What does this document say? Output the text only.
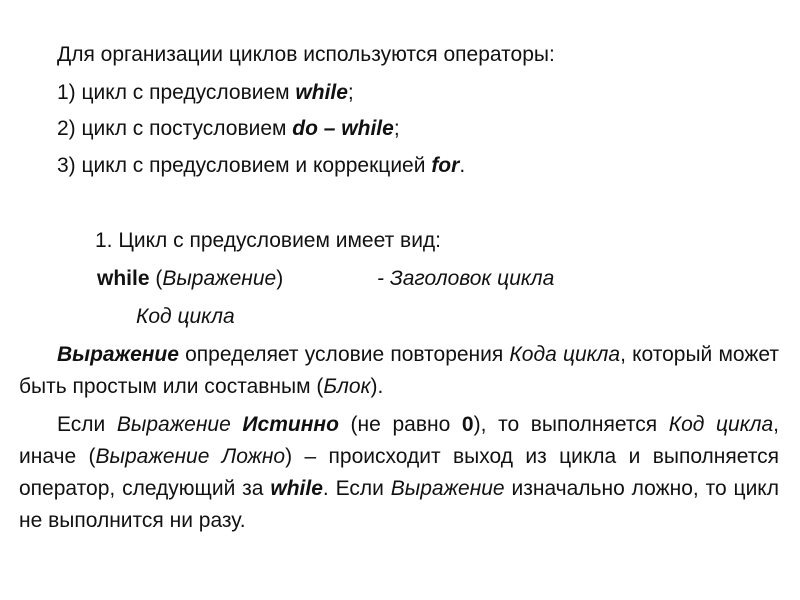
Для организации циклов используются операторы:
1) цикл с предусловием while;
2) цикл с постусловием do – while;
3) цикл с предусловием и коррекцией for.
1. Цикл с предусловием имеет вид:
while (Выражение)	- Заголовок цикла
Код цикла
Выражение определяет условие повторения Кода цикла, который может быть простым или составным (Блок).
Если Выражение Истинно (не равно 0), то выполняется Код цикла, иначе (Выражение Ложно) – происходит выход из цикла и выполняется оператор, следующий за while. Если Выражение изначально ложно, то цикл не выполнится ни разу.
